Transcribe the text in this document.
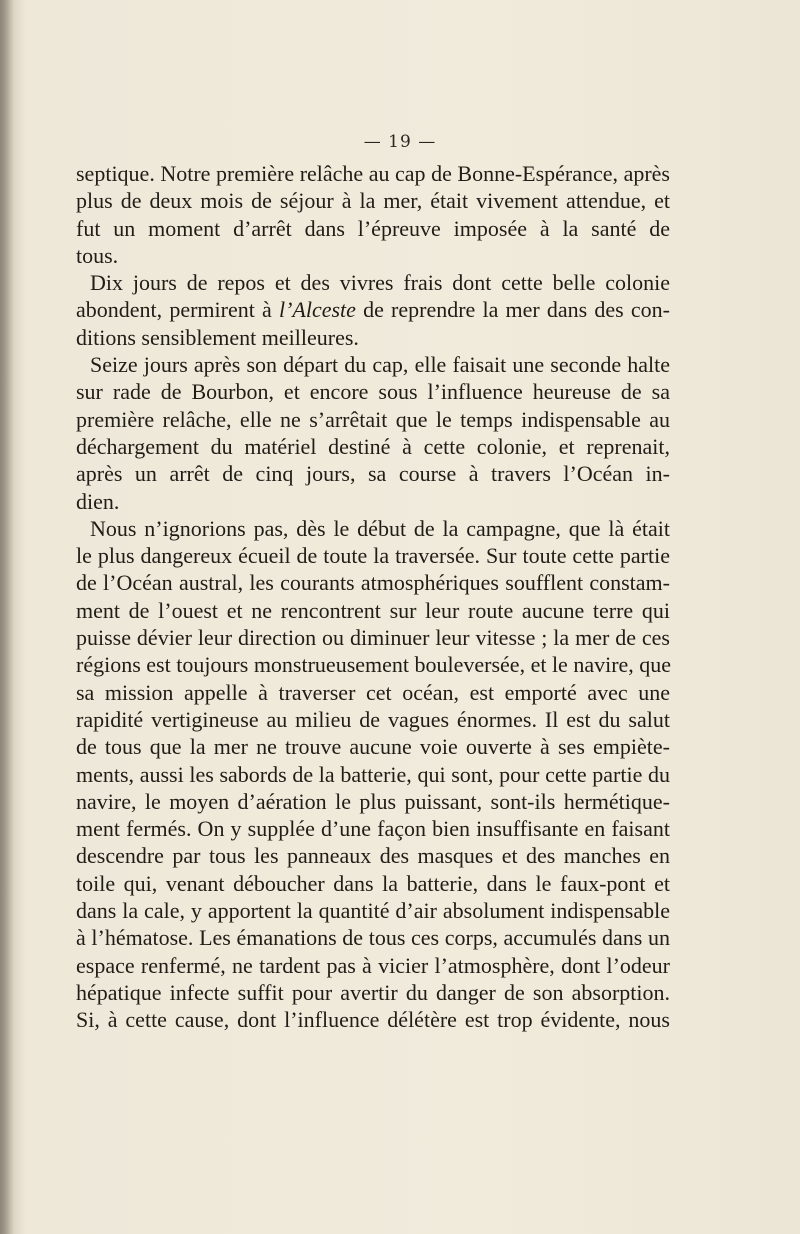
— 19 —
septique. Notre première relâche au cap de Bonne-Espérance, après
plus de deux mois de séjour à la mer, était vivement attendue, et
fut un moment d’arrêt dans l’épreuve imposée à la santé de
tous.
Dix jours de repos et des vivres frais dont cette belle colonie
abondent, permirent à l’Alceste de reprendre la mer dans des con-
ditions sensiblement meilleures.
Seize jours après son départ du cap, elle faisait une seconde halte
sur rade de Bourbon, et encore sous l’influence heureuse de sa
première relâche, elle ne s’arrêtait que le temps indispensable au
déchargement du matériel destiné à cette colonie, et reprenait,
après un arrêt de cinq jours, sa course à travers l’Océan in-
dien.
Nous n’ignorions pas, dès le début de la campagne, que là était
le plus dangereux écueil de toute la traversée. Sur toute cette partie
de l’Océan austral, les courants atmosphériques soufflent constam-
ment de l’ouest et ne rencontrent sur leur route aucune terre qui
puisse dévier leur direction ou diminuer leur vitesse ; la mer de ces
régions est toujours monstrueusement bouleversée, et le navire, que
sa mission appelle à traverser cet océan, est emporté avec une
rapidité vertigineuse au milieu de vagues énormes. Il est du salut
de tous que la mer ne trouve aucune voie ouverte à ses empiète-
ments, aussi les sabords de la batterie, qui sont, pour cette partie du
navire, le moyen d’aération le plus puissant, sont-ils hermétique-
ment fermés. On y supplée d’une façon bien insuffisante en faisant
descendre par tous les panneaux des masques et des manches en
toile qui, venant déboucher dans la batterie, dans le faux-pont et
dans la cale, y apportent la quantité d’air absolument indispensable
à l’hématose. Les émanations de tous ces corps, accumulés dans un
espace renfermé, ne tardent pas à vicier l’atmosphère, dont l’odeur
hépatique infecte suffit pour avertir du danger de son absorption.
Si, à cette cause, dont l’influence délétère est trop évidente, nous
